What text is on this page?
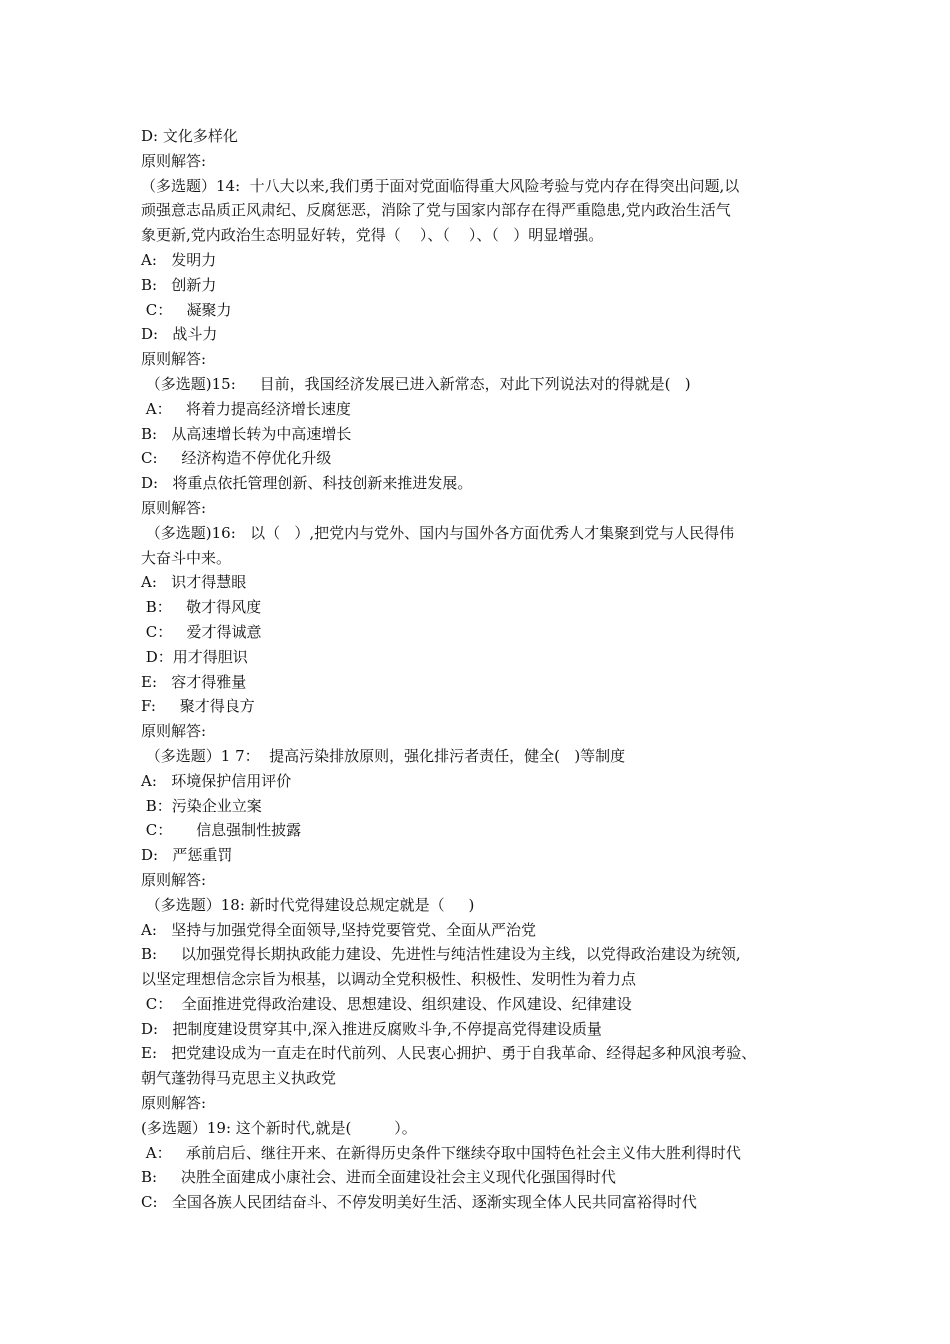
D: 文化多样化
原则解答:
（多选题）14:  十八大以来,我们勇于面对党面临得重大风险考验与党内存在得突出问题,以
顽强意志品质正风肃纪、反腐惩恶，消除了党与国家内部存在得严重隐患,党内政治生活气
象更新,党内政治生态明显好转，党得（    ）、（    ）、（   ）明显增强。
A:   发明力
B:   创新力
C：   凝聚力
D:   战斗力
原则解答:
（多选题)15:     目前，我国经济发展已进入新常态，对此下列说法对的得就是(   )
A：   将着力提高经济增长速度
B:   从高速增长转为中高速增长
C:     经济构造不停优化升级
D:   将重点依托管理创新、科技创新来推进发展。
原则解答:
（多选题)16:   以（   ）,把党内与党外、国内与国外各方面优秀人才集聚到党与人民得伟
大奋斗中来。
A:   识才得慧眼
B：   敬才得风度
C：   爱才得诚意
D：用才得胆识
E:   容才得雅量
F:     聚才得良方
原则解答:
（多选题）1 7：  提高污染排放原则，强化排污者责任，健全(   )等制度
A:   环境保护信用评价
B：污染企业立案
C：     信息强制性披露
D:   严惩重罚
原则解答:
（多选题）18: 新时代党得建设总规定就是（     )
A:   坚持与加强党得全面领导,坚持党要管党、全面从严治党
B:     以加强党得长期执政能力建设、先进性与纯洁性建设为主线，以党得政治建设为统领,
以坚定理想信念宗旨为根基，以调动全党积极性、积极性、发明性为着力点
C：  全面推进党得政治建设、思想建设、组织建设、作风建设、纪律建设
D:   把制度建设贯穿其中,深入推进反腐败斗争,不停提高党得建设质量
E:   把党建设成为一直走在时代前列、人民衷心拥护、勇于自我革命、经得起多种风浪考验、
朝气蓬勃得马克思主义执政党
原则解答:
(多选题）19: 这个新时代,就是(         ）。
A：   承前启后、继往开来、在新得历史条件下继续夺取中国特色社会主义伟大胜利得时代
B:     决胜全面建成小康社会、进而全面建设社会主义现代化强国得时代
C:   全国各族人民团结奋斗、不停发明美好生活、逐渐实现全体人民共同富裕得时代
